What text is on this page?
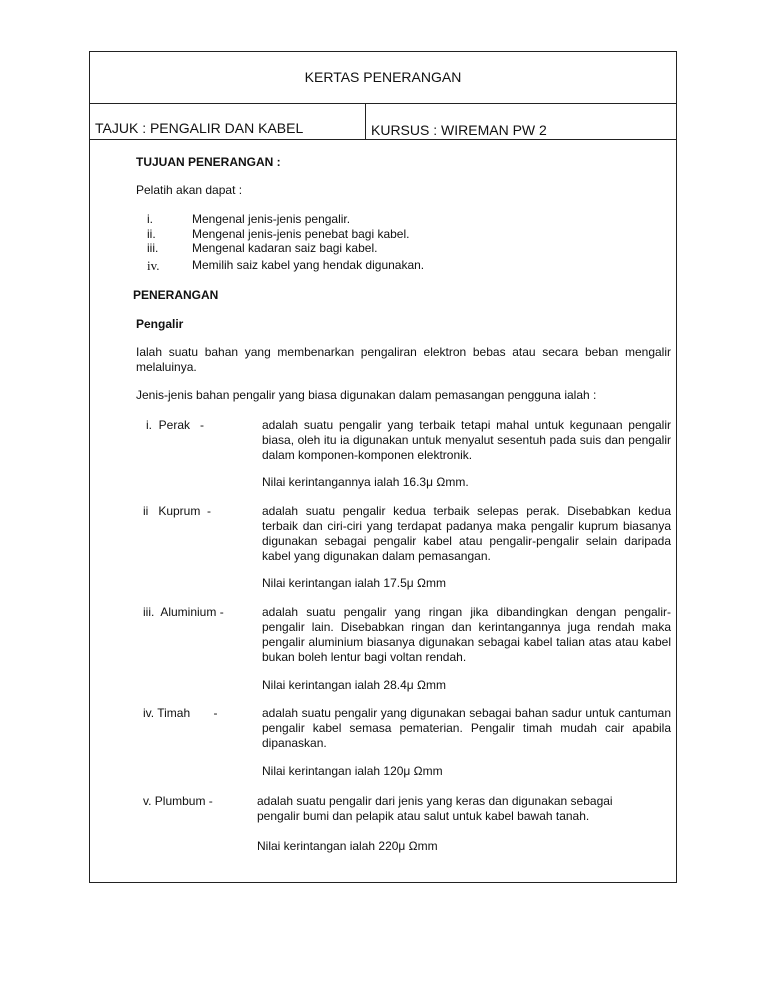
KERTAS PENERANGAN
TAJUK : PENGALIR DAN KABEL	KURSUS : WIREMAN PW 2
TUJUAN PENERANGAN :
Pelatih akan dapat :
i.	Mengenal jenis-jenis pengalir.
ii.	Mengenal jenis-jenis penebat bagi kabel.
iii.	Mengenal kadaran saiz bagi kabel.
iv.	Memilih saiz kabel yang hendak digunakan.
PENERANGAN
Pengalir
Ialah suatu bahan yang membenarkan pengaliran elektron bebas atau secara beban mengalir melaluinya.
Jenis-jenis bahan pengalir yang biasa digunakan dalam pemasangan pengguna ialah :
i.  Perak   -	adalah suatu pengalir yang terbaik tetapi mahal untuk kegunaan pengalir biasa, oleh itu ia digunakan untuk menyalut sesentuh pada suis dan pengalir dalam komponen-komponen elektronik.
Nilai kerintangannya ialah 16.3μ Ωmm.
ii   Kuprum  -	adalah suatu pengalir kedua terbaik selepas perak. Disebabkan kedua terbaik dan ciri-ciri yang terdapat padanya maka pengalir kuprum biasanya digunakan sebagai pengalir kabel atau pengalir-pengalir selain daripada kabel yang digunakan dalam pemasangan.
Nilai kerintangan ialah 17.5μ Ωmm
iii.  Aluminium -	adalah suatu pengalir yang ringan jika dibandingkan dengan pengalir-pengalir lain. Disebabkan ringan dan kerintangannya juga rendah maka pengalir aluminium biasanya digunakan sebagai kabel talian atas atau kabel bukan boleh lentur bagi voltan rendah.
Nilai kerintangan ialah 28.4μ Ωmm
iv. Timah       -	adalah suatu pengalir yang digunakan sebagai bahan sadur untuk cantuman pengalir kabel semasa pematerian. Pengalir timah mudah cair apabila dipanaskan.
Nilai kerintangan ialah 120μ Ωmm
v. Plumbum -	adalah suatu pengalir dari jenis yang keras dan digunakan sebagai pengalir bumi dan pelapik atau salut untuk kabel bawah tanah.
Nilai kerintangan ialah 220μ Ωmm
